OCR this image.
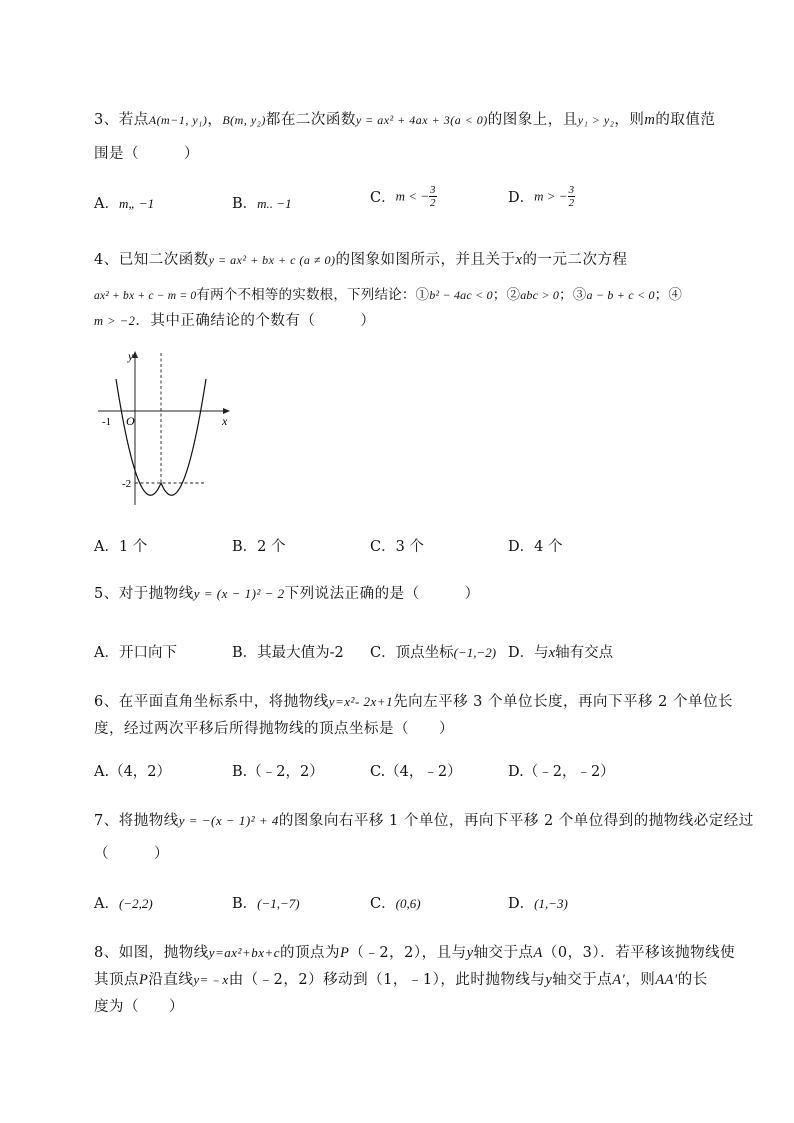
3、若点A(m−1, y₁)，B(m, y₂)都在二次函数y = ax² + 4ax + 3(a < 0)的图象上，且y₁ > y₂，则m的取值范
围是（　　　）
A．m„ −1	B．m.. −1	C．m < − $\frac{3}{2}$	D．m > − $\frac{3}{2}$
4、已知二次函数y = ax² + bx + c (a ≠ 0)的图象如图所示，并且关于x的一元二次方程
ax² + bx + c − m = 0有两个不相等的实数根，下列结论：①b² − 4ac < 0；②abc > 0；③a − b + c < 0；④
m > −2．其中正确结论的个数有（　　　）
y
x
O
-1
-2
A．1 个	B．2 个	C．3 个	D．4 个
5、对于抛物线y = (x − 1)² − 2下列说法正确的是（　　　）
A．开口向下	B．其最大值为-2 C．顶点坐标(−1,−2) D．与x轴有交点
6、在平面直角坐标系中，将抛物线y=x²- 2x+1先向左平移 3 个单位长度，再向下平移 2 个单位长
度，经过两次平移后所得抛物线的顶点坐标是（　　）
A.（4，2）	B.（﹣2，2）	C.（4，﹣2）	D.（﹣2，﹣2）
7、将抛物线y = −(x − 1)² + 4的图象向右平移 1 个单位，再向下平移 2 个单位得到的抛物线必定经过
（　　　）
A．(−2,2)	B．(−1,−7)	C．(0,6)	D．(1,−3)
8、如图，抛物线y=ax²+bx+c的顶点为P（﹣2，2），且与y轴交于点A（0，3）．若平移该抛物线使
其顶点P沿直线y=﹣x由（﹣2，2）移动到（1，﹣1），此时抛物线与y轴交于点A′，则AA′的长
度为（　　）
